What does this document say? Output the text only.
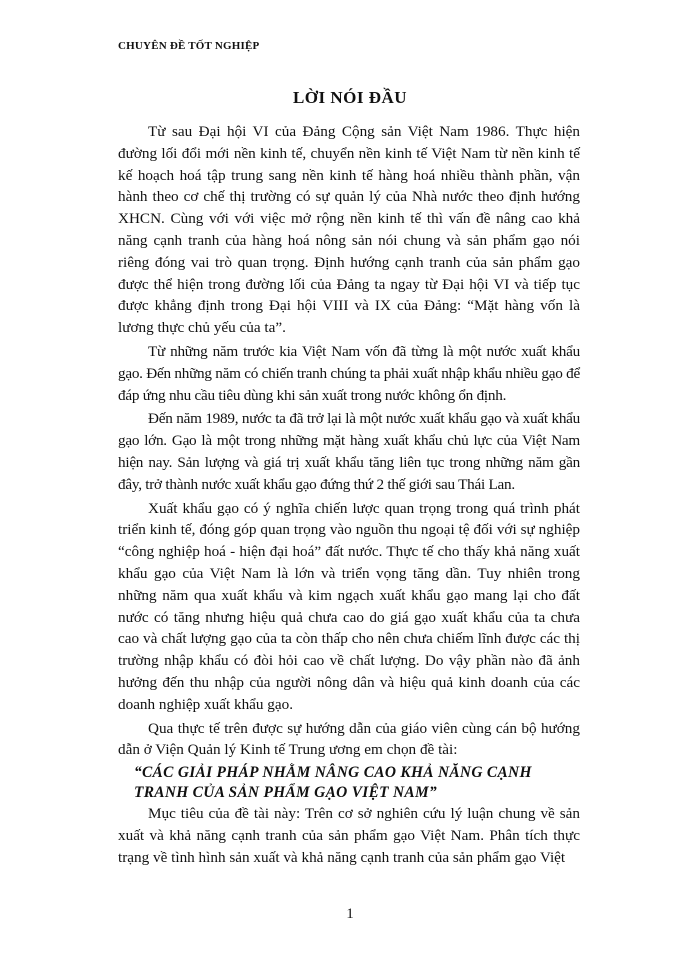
CHUYÊN ĐỀ TỐT NGHIỆP
LỜI NÓI ĐẦU

Từ sau Đại hội VI của Đảng Cộng sản Việt Nam 1986. Thực hiện đường lối đổi mới nền kinh tế, chuyển nền kinh tế Việt Nam từ nền kinh tế kế hoạch hoá tập trung sang nền kinh tế hàng hoá nhiều thành phần, vận hành theo cơ chế thị trường có sự quản lý của Nhà nước theo định hướng XHCN. Cùng với với việc mở rộng nền kinh tế thì vấn đề nâng cao khả năng cạnh tranh của hàng hoá nông sản nói chung và sản phẩm gạo nói riêng đóng vai trò quan trọng. Định hướng cạnh tranh của sản phẩm gạo được thể hiện trong đường lối của Đảng ta ngay từ Đại hội VI và tiếp tục được khẳng định trong Đại hội VIII và IX của Đảng: “Mặt hàng vốn là lương thực chủ yếu của ta”.

Từ những năm trước kia Việt Nam vốn đã từng là một nước xuất khẩu gạo. Đến những năm có chiến tranh chúng ta phải xuất nhập khẩu nhiều gạo để đáp ứng nhu cầu tiêu dùng khi sản xuất trong nước không ổn định.

Đến năm 1989, nước ta đã trở lại là một nước xuất khẩu gạo và xuất khẩu gạo lớn. Gạo là một trong những mặt hàng xuất khẩu chủ lực của Việt Nam hiện nay. Sản lượng và giá trị xuất khẩu tăng liên tục trong những năm gần đây, trở thành nước xuất khẩu gạo đứng thứ 2 thế giới sau Thái Lan.

Xuất khẩu gạo có ý nghĩa chiến lược quan trọng trong quá trình phát triển kinh tế, đóng góp quan trọng vào nguồn thu ngoại tệ đối với sự nghiệp “công nghiệp hoá - hiện đại hoá” đất nước. Thực tế cho thấy khả năng xuất khẩu gạo của Việt Nam là lớn và triển vọng tăng dần. Tuy nhiên trong những năm qua xuất khẩu và kim ngạch xuất khẩu gạo mang lại cho đất nước có tăng nhưng hiệu quả chưa cao do giá gạo xuất khẩu của ta chưa cao và chất lượng gạo của ta còn thấp cho nên chưa chiếm lĩnh được các thị trường nhập khẩu có đòi hỏi cao về chất lượng. Do vậy phần nào đã ảnh hưởng đến thu nhập của người nông dân và hiệu quả kinh doanh của các doanh nghiệp xuất khẩu gạo.

Qua thực tế trên được sự hướng dẫn của giáo viên cùng cán bộ hướng dẫn ở Viện Quản lý Kinh tế Trung ương em chọn đề tài:

“CÁC GIẢI PHÁP NHẰM NÂNG CAO KHẢ NĂNG CẠNH
TRANH CỦA SẢN PHẨM GẠO VIỆT NAM”

Mục tiêu của đề tài này: Trên cơ sở nghiên cứu lý luận chung về sản xuất và khả năng cạnh tranh của sản phẩm gạo Việt Nam. Phân tích thực trạng về tình hình sản xuất và khả năng cạnh tranh của sản phẩm gạo Việt

1
